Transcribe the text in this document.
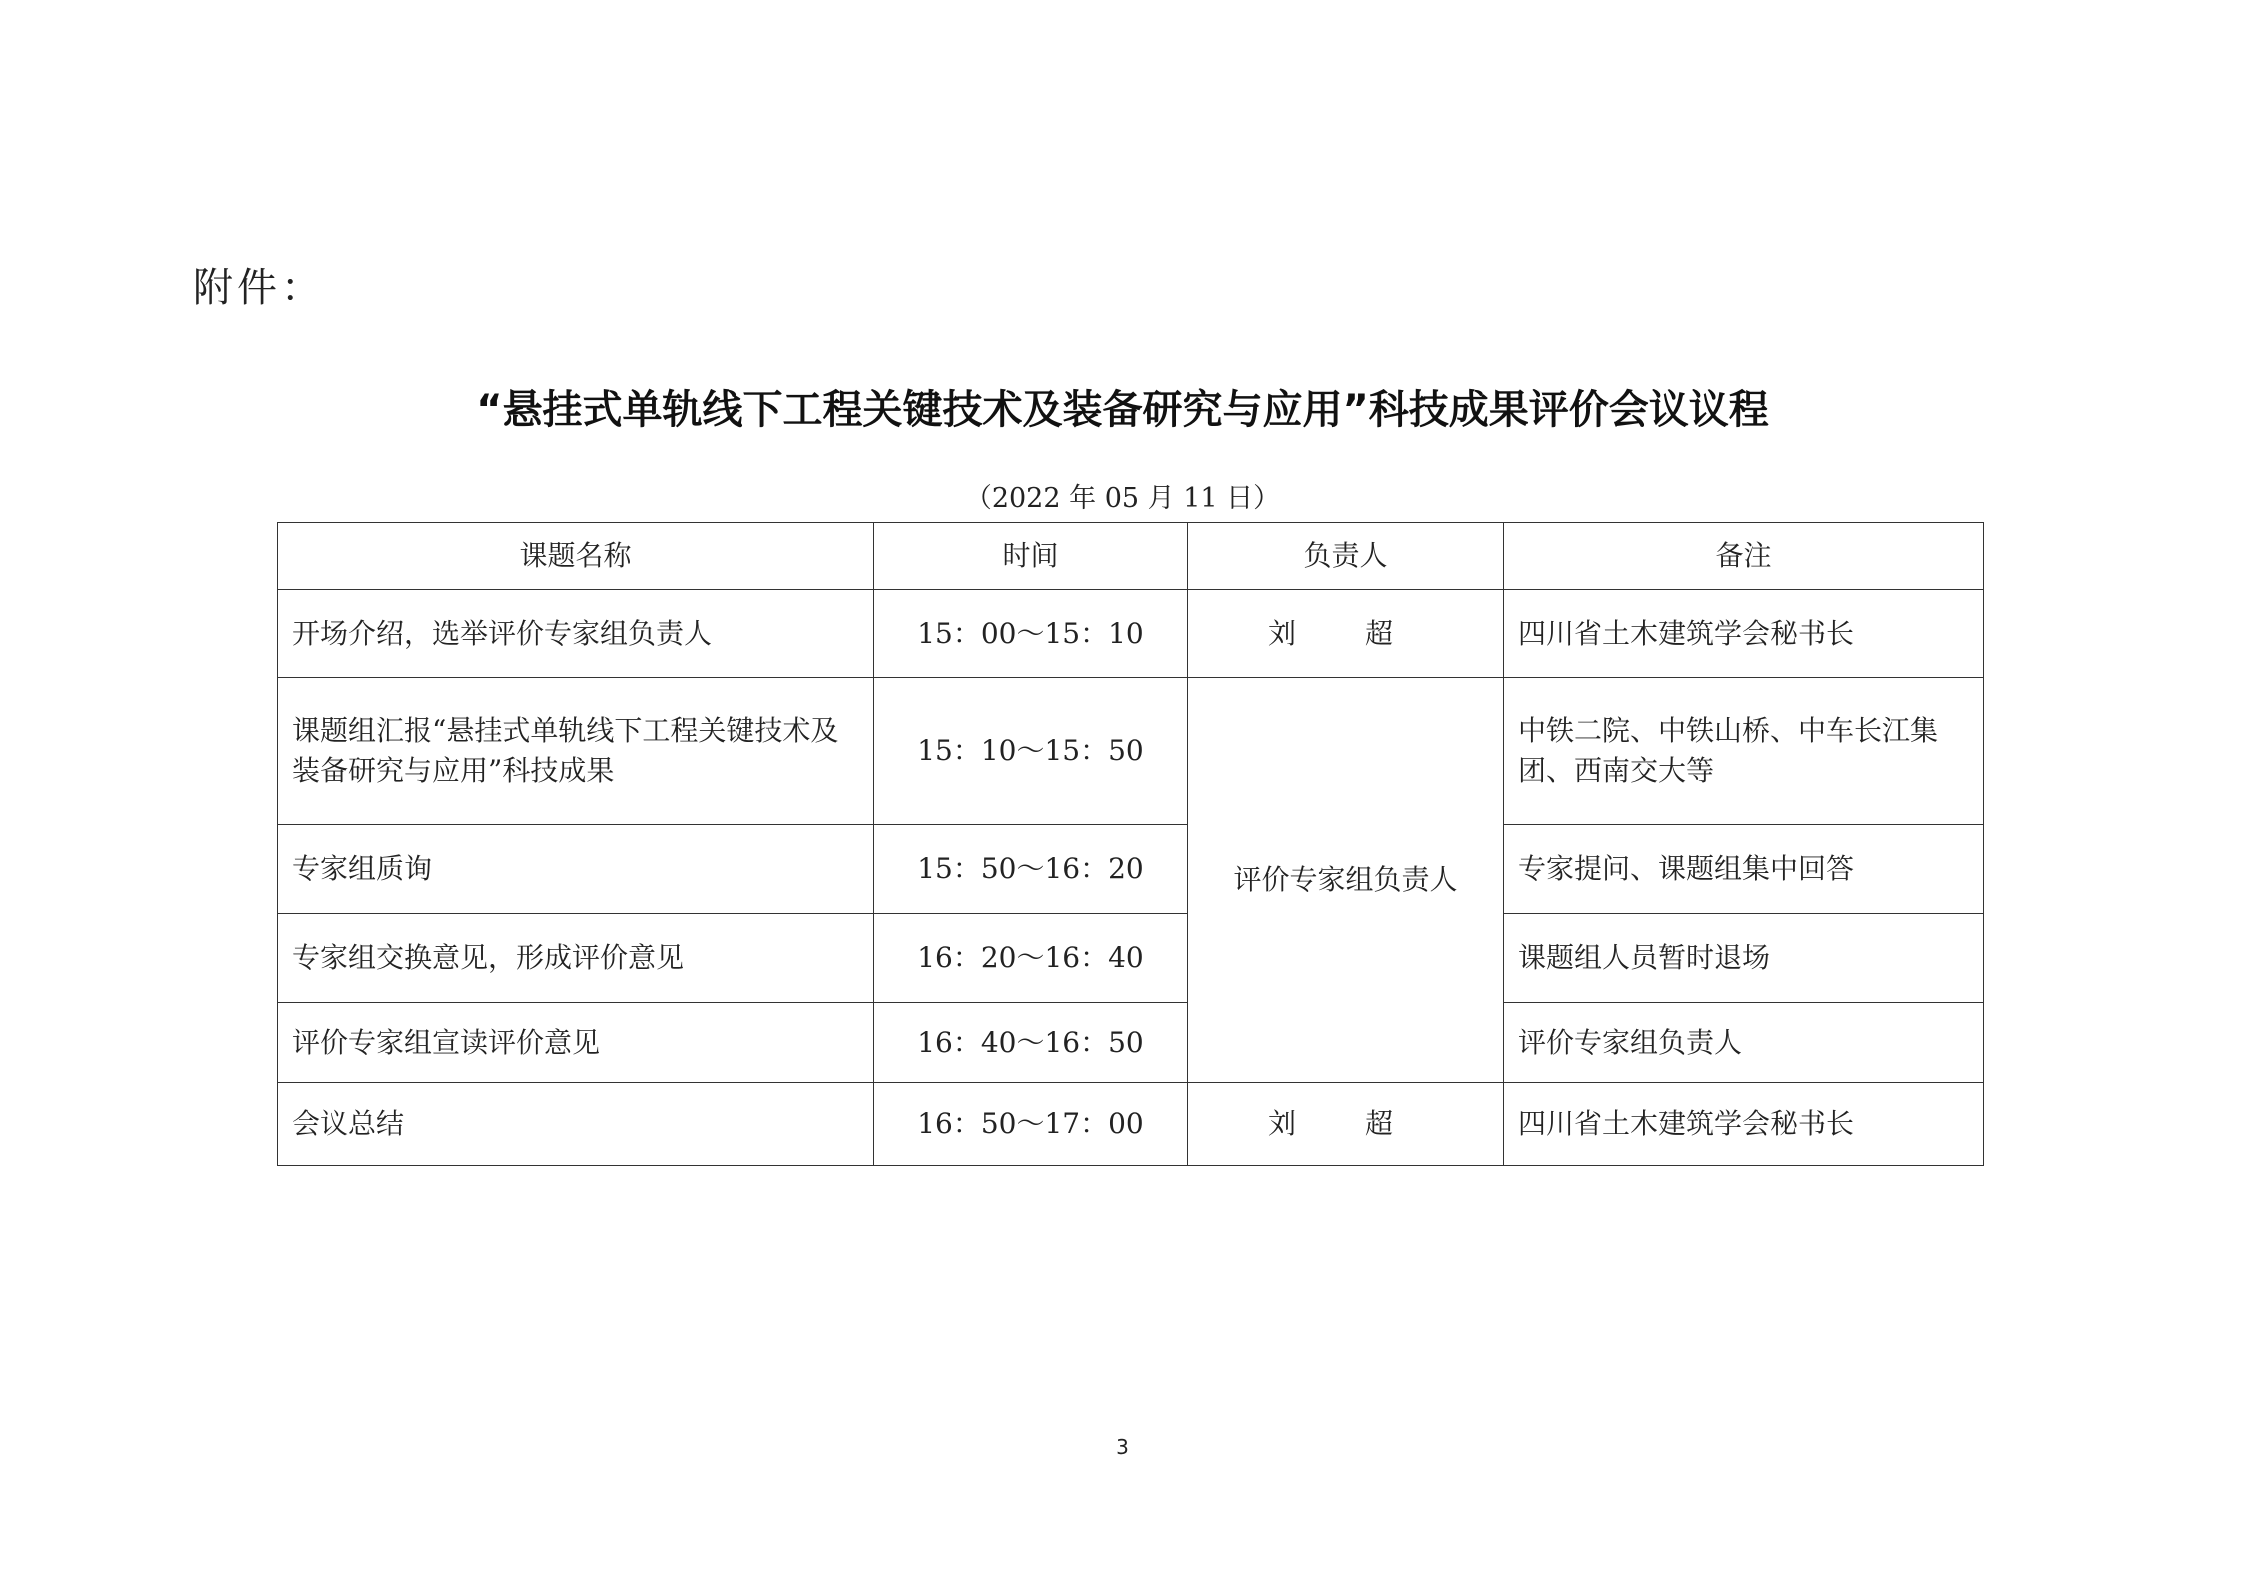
附件：
“悬挂式单轨线下工程关键技术及装备研究与应用”科技成果评价会议议程
（2022 年 05 月 11 日）
课题名称	时间	负责人	备注
开场介绍，选举评价专家组负责人	15：00～15：10	刘 超	四川省土木建筑学会秘书长
课题组汇报“悬挂式单轨线下工程关键技术及装备研究与应用”科技成果	15：10～15：50	评价专家组负责人	中铁二院、中铁山桥、中车长江集团、西南交大等
专家组质询	15：50～16：20		专家提问、课题组集中回答
专家组交换意见，形成评价意见	16：20～16：40		课题组人员暂时退场
评价专家组宣读评价意见	16：40～16：50		评价专家组负责人
会议总结	16：50～17：00	刘 超	四川省土木建筑学会秘书长
3
